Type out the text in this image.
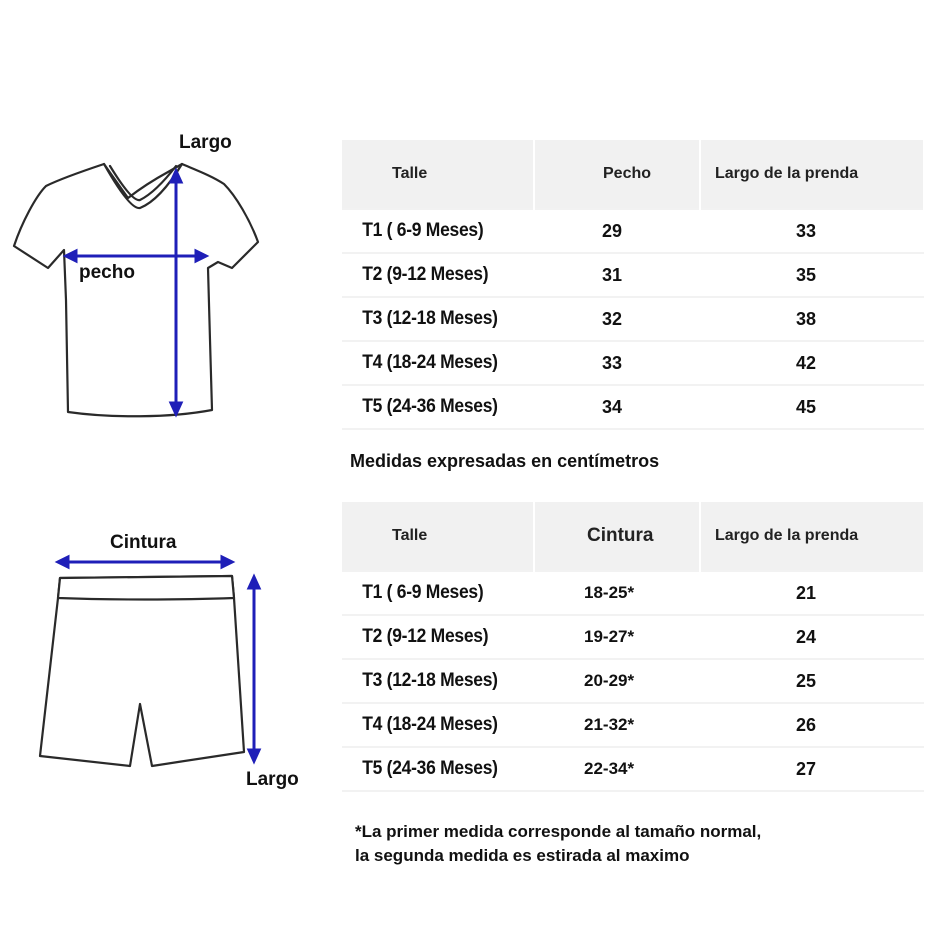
Largo
pecho
Talle	Pecho	Largo de la prenda
T1 ( 6-9 Meses)	29	33
T2 (9-12 Meses)	31	35
T3 (12-18 Meses)	32	38
T4 (18-24 Meses)	33	42
T5 (24-36 Meses)	34	45
Medidas expresadas en centímetros
Cintura
Largo
Talle	Cintura	Largo de la prenda
T1 ( 6-9 Meses)	18-25*	21
T2 (9-12 Meses)	19-27*	24
T3 (12-18 Meses)	20-29*	25
T4 (18-24 Meses)	21-32*	26
T5 (24-36 Meses)	22-34*	27
*La primer medida corresponde al tamaño normal,
la segunda medida es estirada al maximo
